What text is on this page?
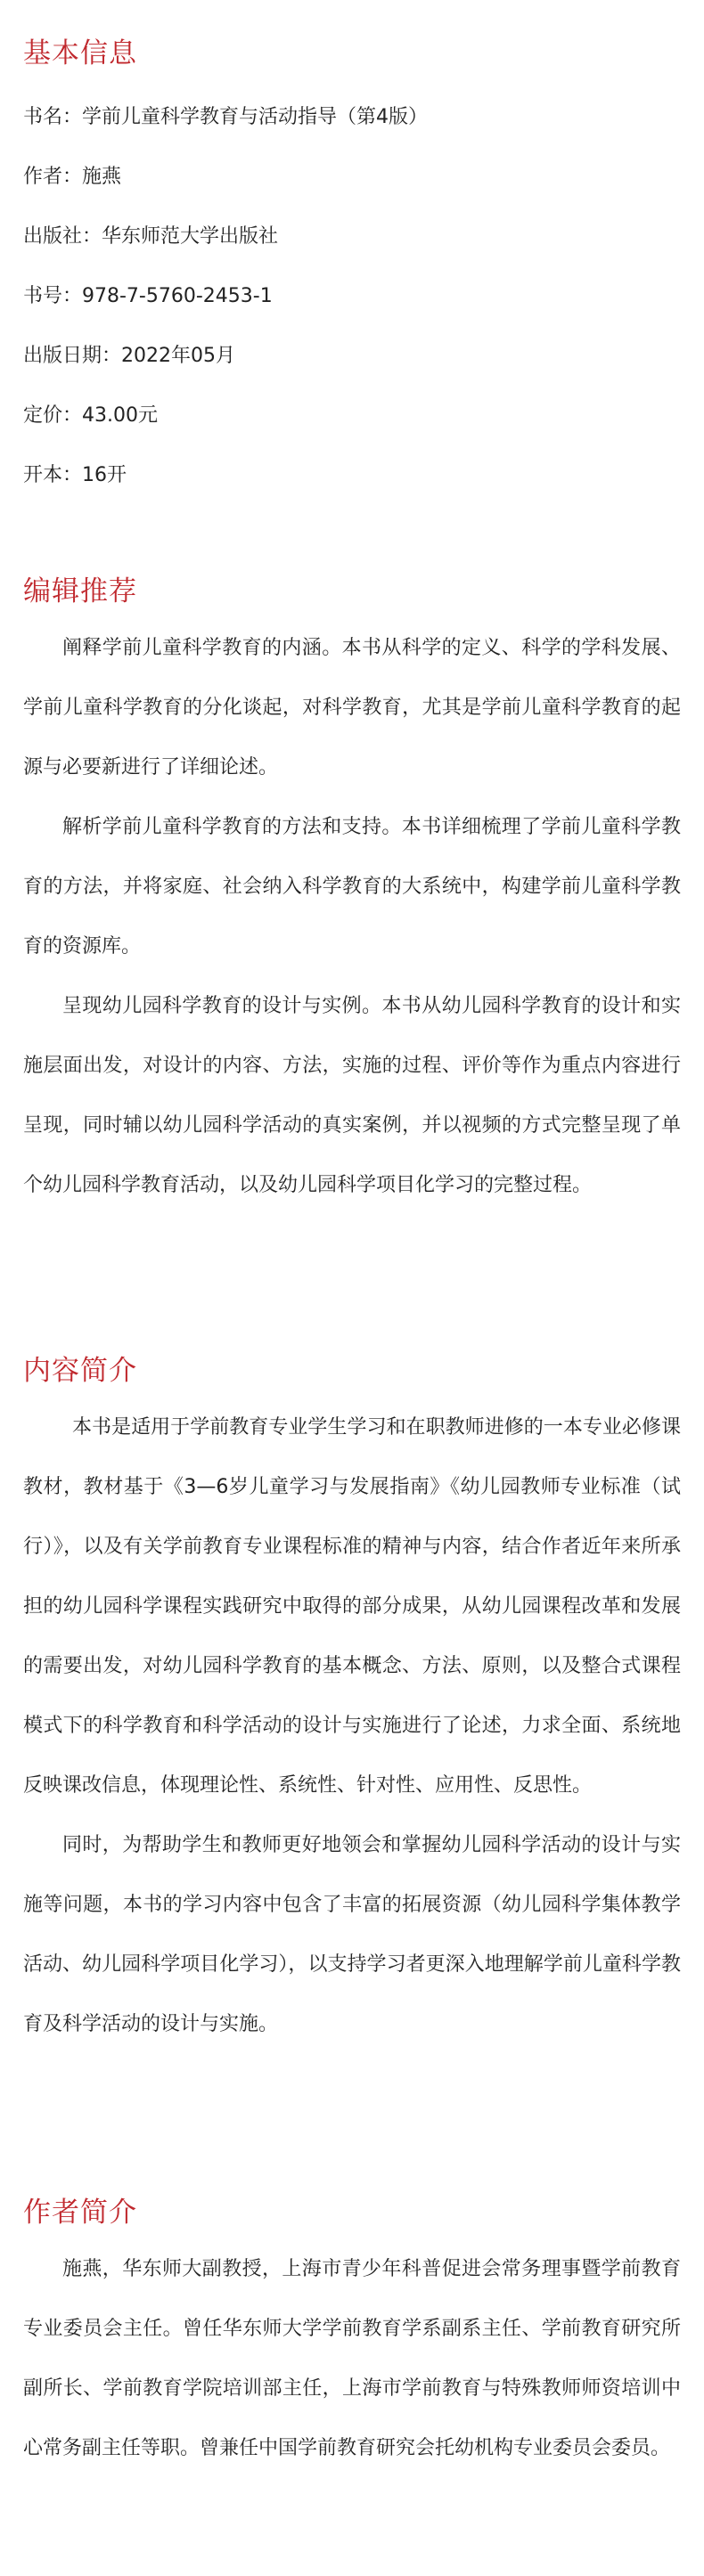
基本信息

书名：学前儿童科学教育与活动指导（第4版）

作者：施燕

出版社：华东师范大学出版社

书号：978-7-5760-2453-1

出版日期：2022年05月

定价：43.00元

开本：16开

编辑推荐

阐释学前儿童科学教育的内涵。本书从科学的定义、科学的学科发展、学前儿童科学教育的分化谈起，对科学教育，尤其是学前儿童科学教育的起源与必要新进行了详细论述。

解析学前儿童科学教育的方法和支持。本书详细梳理了学前儿童科学教育的方法，并将家庭、社会纳入科学教育的大系统中，构建学前儿童科学教育的资源库。

呈现幼儿园科学教育的设计与实例。本书从幼儿园科学教育的设计和实施层面出发，对设计的内容、方法，实施的过程、评价等作为重点内容进行呈现，同时辅以幼儿园科学活动的真实案例，并以视频的方式完整呈现了单个幼儿园科学教育活动，以及幼儿园科学项目化学习的完整过程。

内容简介

本书是适用于学前教育专业学生学习和在职教师进修的一本专业必修课教材，教材基于《3—6岁儿童学习与发展指南》《幼儿园教师专业标准（试行）》，以及有关学前教育专业课程标准的精神与内容，结合作者近年来所承担的幼儿园科学课程实践研究中取得的部分成果，从幼儿园课程改革和发展的需要出发，对幼儿园科学教育的基本概念、方法、原则，以及整合式课程模式下的科学教育和科学活动的设计与实施进行了论述，力求全面、系统地反映课改信息，体现理论性、系统性、针对性、应用性、反思性。

同时，为帮助学生和教师更好地领会和掌握幼儿园科学活动的设计与实施等问题，本书的学习内容中包含了丰富的拓展资源（幼儿园科学集体教学活动、幼儿园科学项目化学习），以支持学习者更深入地理解学前儿童科学教育及科学活动的设计与实施。

作者简介

施燕，华东师大副教授，上海市青少年科普促进会常务理事暨学前教育专业委员会主任。曾任华东师大学学前教育学系副系主任、学前教育研究所副所长、学前教育学院培训部主任，上海市学前教育与特殊教师师资培训中心常务副主任等职。曾兼任中国学前教育研究会托幼机构专业委员会委员。
